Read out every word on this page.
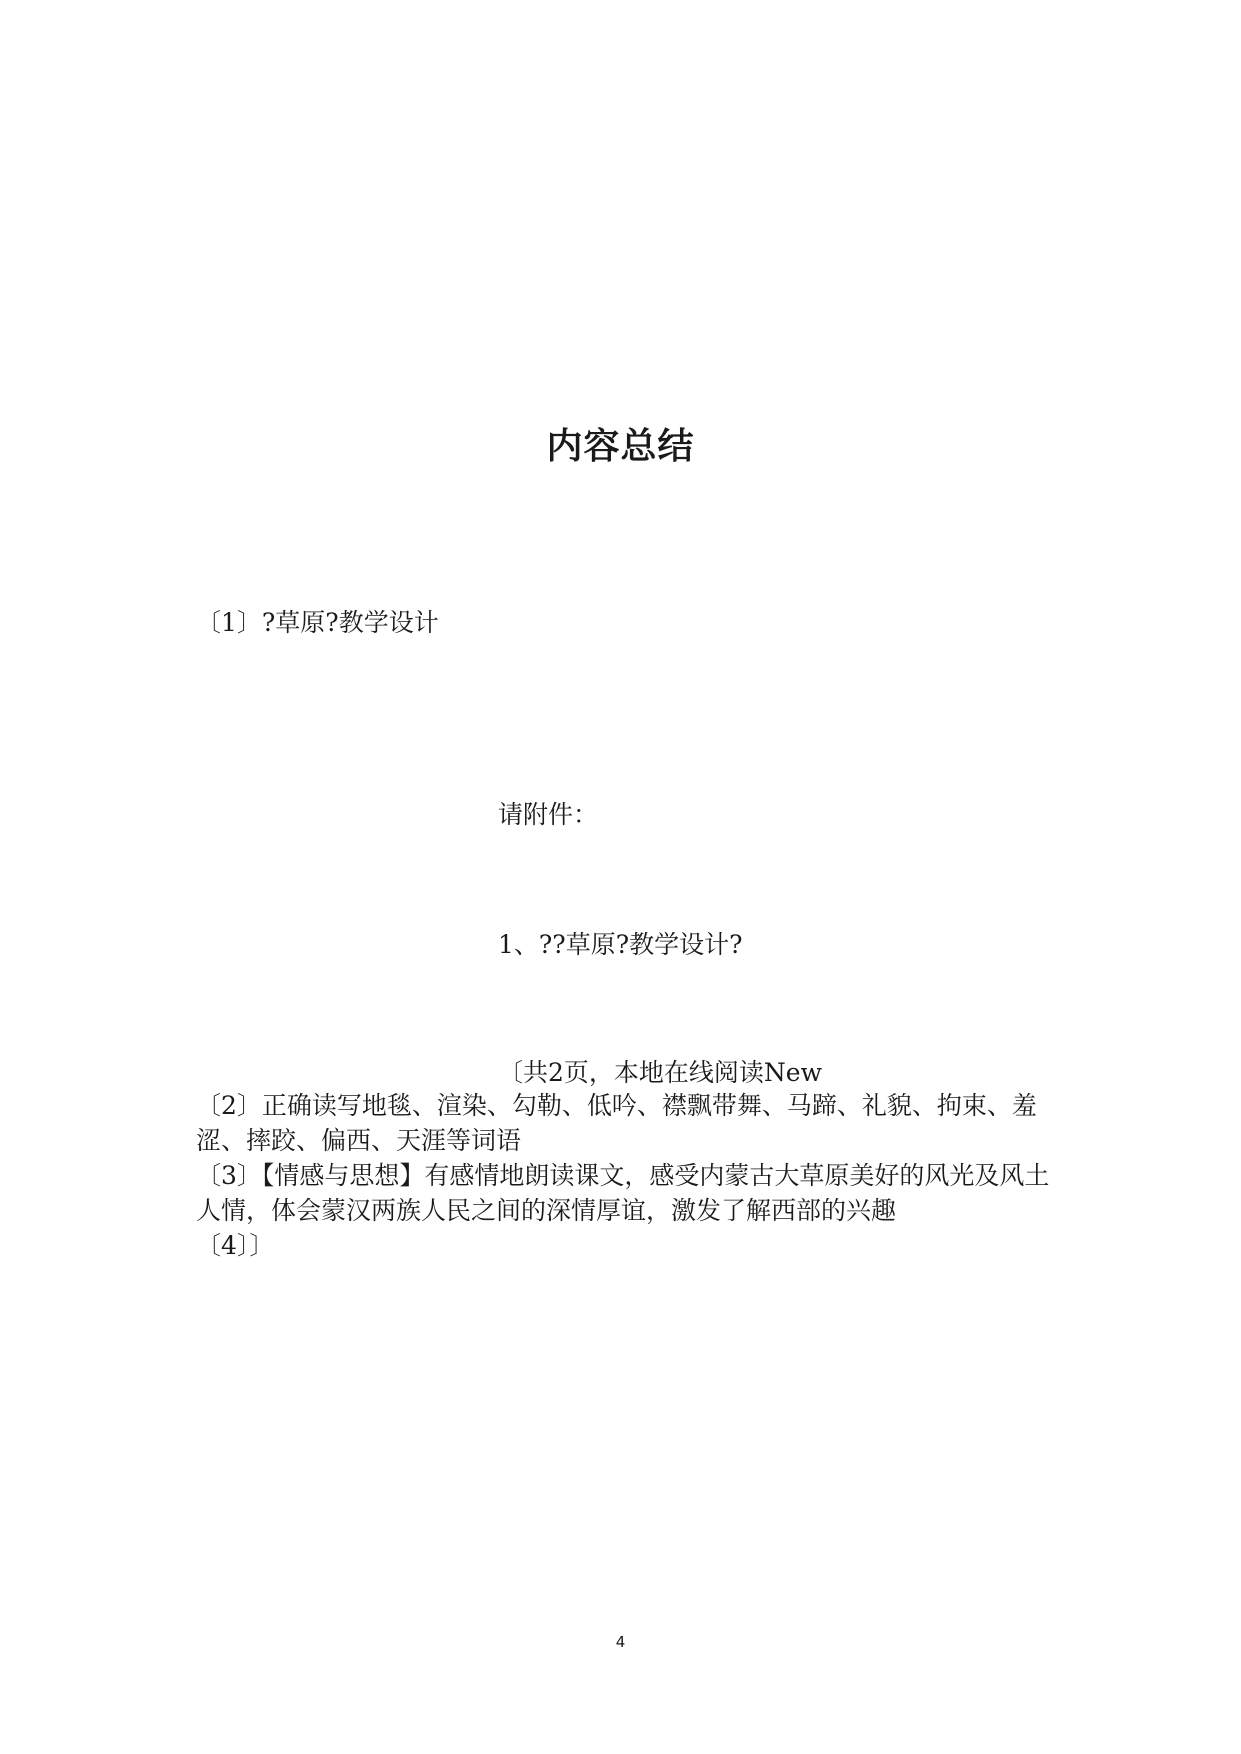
内容总结
〔1〕?草原?教学设计
请附件：
1、??草原?教学设计?
〔共2页，本地在线阅读New

〔2〕正确读写地毯、渲染、勾勒、低吟、襟飘带舞、马蹄、礼貌、拘束、羞涩、摔跤、偏西、天涯等词语

〔3〕【情感与思想】有感情地朗读课文，感受内蒙古大草原美好的风光及风土人情，体会蒙汉两族人民之间的深情厚谊，激发了解西部的兴趣

〔4〕〕

4
